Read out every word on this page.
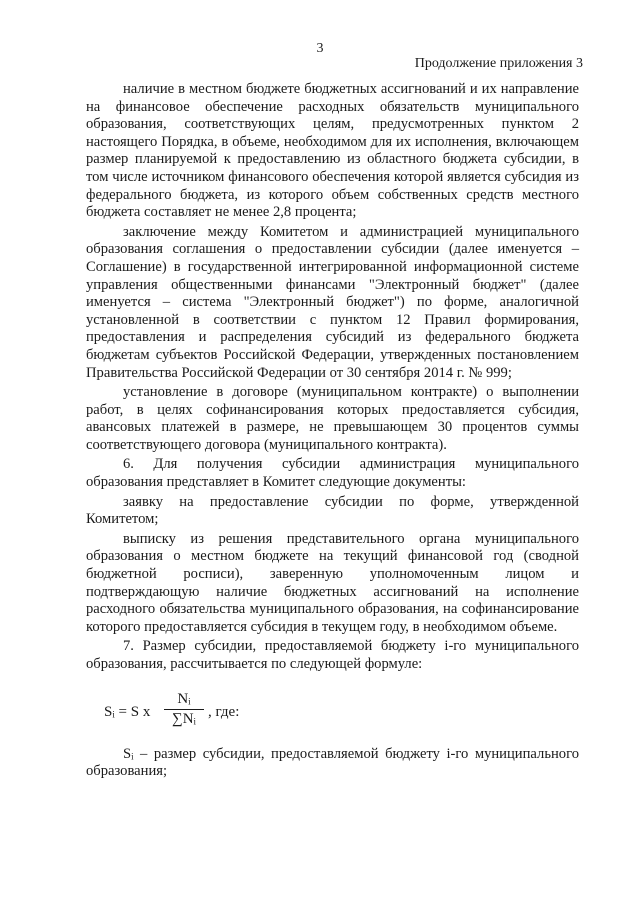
3
Продолжение приложения 3

наличие в местном бюджете бюджетных ассигнований и их направление на финансовое обеспечение расходных обязательств муниципального образования, соответствующих целям, предусмотренных пунктом 2 настоящего Порядка, в объеме, необходимом для их исполнения, включающем размер планируемой к предоставлению из областного бюджета субсидии, в том числе источником финансового обеспечения которой является субсидия из федерального бюджета, из которого объем собственных средств местного бюджета составляет не менее 2,8 процента;

заключение между Комитетом и администрацией муниципального образования соглашения о предоставлении субсидии (далее именуется – Соглашение) в государственной интегрированной информационной системе управления общественными финансами "Электронный бюджет" (далее именуется – система "Электронный бюджет") по форме, аналогичной установленной в соответствии с пунктом 12 Правил формирования, предоставления и распределения субсидий из федерального бюджета бюджетам субъектов Российской Федерации, утвержденных постановлением Правительства Российской Федерации от 30 сентября 2014 г. № 999;

установление в договоре (муниципальном контракте) о выполнении работ, в целях софинансирования которых предоставляется субсидия, авансовых платежей в размере, не превышающем 30 процентов суммы соответствующего договора (муниципального контракта).

6. Для получения субсидии администрация муниципального образования представляет в Комитет следующие документы:

заявку на предоставление субсидии по форме, утвержденной Комитетом;

выписку из решения представительного органа муниципального образования о местном бюджете на текущий финансовой год (сводной бюджетной росписи), заверенную уполномоченным лицом и подтверждающую наличие бюджетных ассигнований на исполнение расходного обязательства муниципального образования, на софинансирование которого предоставляется субсидия в текущем году, в необходимом объеме.

7. Размер субсидии, предоставляемой бюджету i-го муниципального образования, рассчитывается по следующей формуле:

Sᵢ = S x $\frac{\text{Nᵢ}}{\text{∑Nᵢ}}$ , где:

Sᵢ – размер субсидии, предоставляемой бюджету i-го муниципального образования;
